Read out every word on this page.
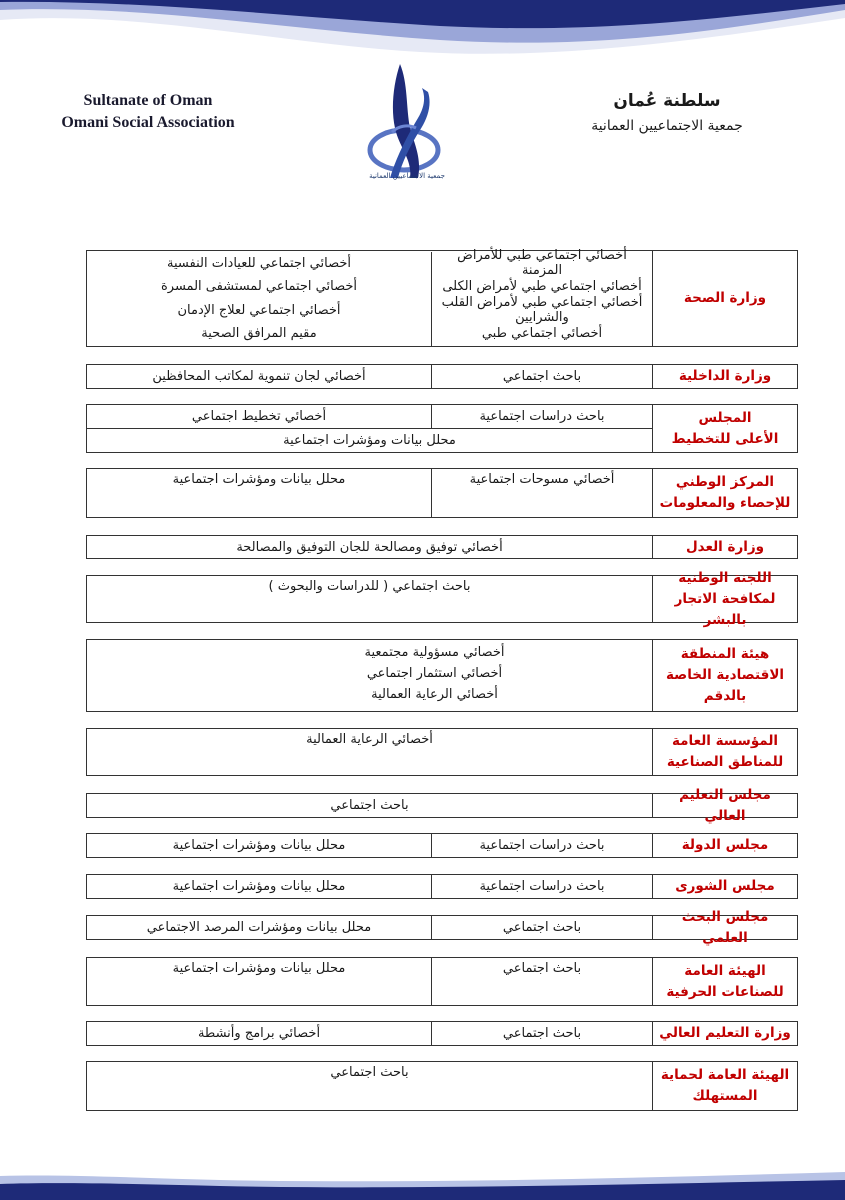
Sultanate of Oman
Omani Social Association
سلطنة عُمان
جمعية الاجتماعيين العمانية
جمعية الاجتماعيين العمانية
وزارة الصحة
أخصائي اجتماعي طبي للأمراض المزمنة
أخصائي اجتماعي للعيادات النفسية
أخصائي اجتماعي طبي لأمراض الكلى
أخصائي اجتماعي لمستشفى المسرة
أخصائي اجتماعي طبي لأمراض القلب والشرايين
أخصائي اجتماعي لعلاج الإدمان
أخصائي اجتماعي طبي
مقيم المرافق الصحية
وزارة الداخلية
باحث اجتماعي
أخصائي لجان تنموية لمكاتب المحافظين
المجلس
الأعلى للتخطيط
باحث دراسات اجتماعية
أخصائي تخطيط اجتماعي
محلل بيانات ومؤشرات اجتماعية
المركز الوطني
للإحصاء والمعلومات
أخصائي مسوحات اجتماعية
محلل بيانات ومؤشرات اجتماعية
وزارة العدل
أخصائي توفيق ومصالحة للجان التوفيق والمصالحة
اللجنة الوطنية
لمكافحة الاتجار بالبشر
باحث اجتماعي ( للدراسات والبحوث )
هيئة المنطقة
الاقتصادية الخاصة
بالدقم
أخصائي مسؤولية مجتمعية
أخصائي استثمار اجتماعي
أخصائي الرعاية العمالية
المؤسسة العامة
للمناطق الصناعية
أخصائي الرعاية العمالية
مجلس التعليم العالي
باحث اجتماعي
مجلس الدولة
باحث دراسات اجتماعية
محلل بيانات ومؤشرات اجتماعية
مجلس الشورى
باحث دراسات اجتماعية
محلل بيانات ومؤشرات اجتماعية
مجلس البحث العلمي
باحث اجتماعي
محلل بيانات ومؤشرات المرصد الاجتماعي
الهيئة العامة
للصناعات الحرفية
باحث اجتماعي
محلل بيانات ومؤشرات اجتماعية
وزارة التعليم العالي
باحث اجتماعي
أخصائي برامج وأنشطة
الهيئة العامة لحماية
المستهلك
باحث اجتماعي
